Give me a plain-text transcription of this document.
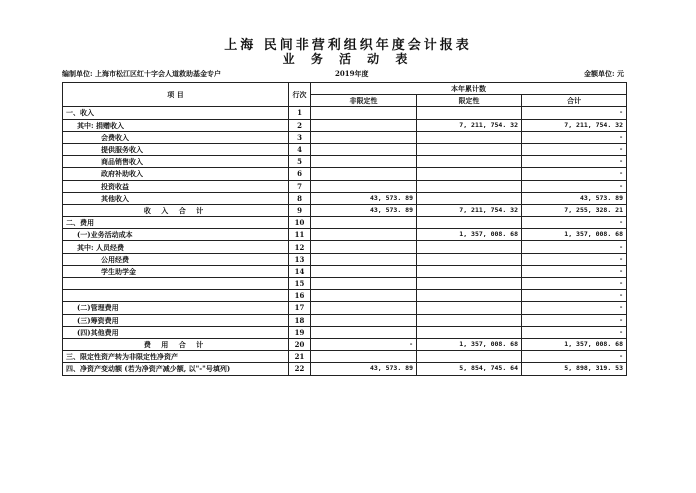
上海 民间非营利组织年度会计报表
业 务 活 动 表
编制单位: 上海市松江区红十字会人道救助基金专户	2019年度	金额单位: 元
项 目	行次	本年累计数		
		非限定性	限定性	合计
一、收入	1			-
其中: 捐赠收入	2		7, 211, 754. 32	7, 211, 754. 32
会费收入	3			-
提供服务收入	4			-
商品销售收入	5			-
政府补助收入	6			-
投资收益	7			-
其他收入	8	43, 573. 89		43, 573. 89
收 入 合 计	9	43, 573. 89	7, 211, 754. 32	7, 255, 328. 21
二、费用	10			-
(一)业务活动成本	11		1, 357, 008. 68	1, 357, 008. 68
其中: 人员经费	12			-
公用经费	13			-
学生助学金	14			-
	15			-
	16			-
(二)管理费用	17			-
(三)筹资费用	18			-
(四)其他费用	19			-
费 用 合 计	20	-	1, 357, 008. 68	1, 357, 008. 68
三、限定性资产转为非限定性净资产	21			-
四、净资产变动额 (若为净资产减少额, 以"-"号填列)	22	43, 573. 89	5, 854, 745. 64	5, 898, 319. 53
